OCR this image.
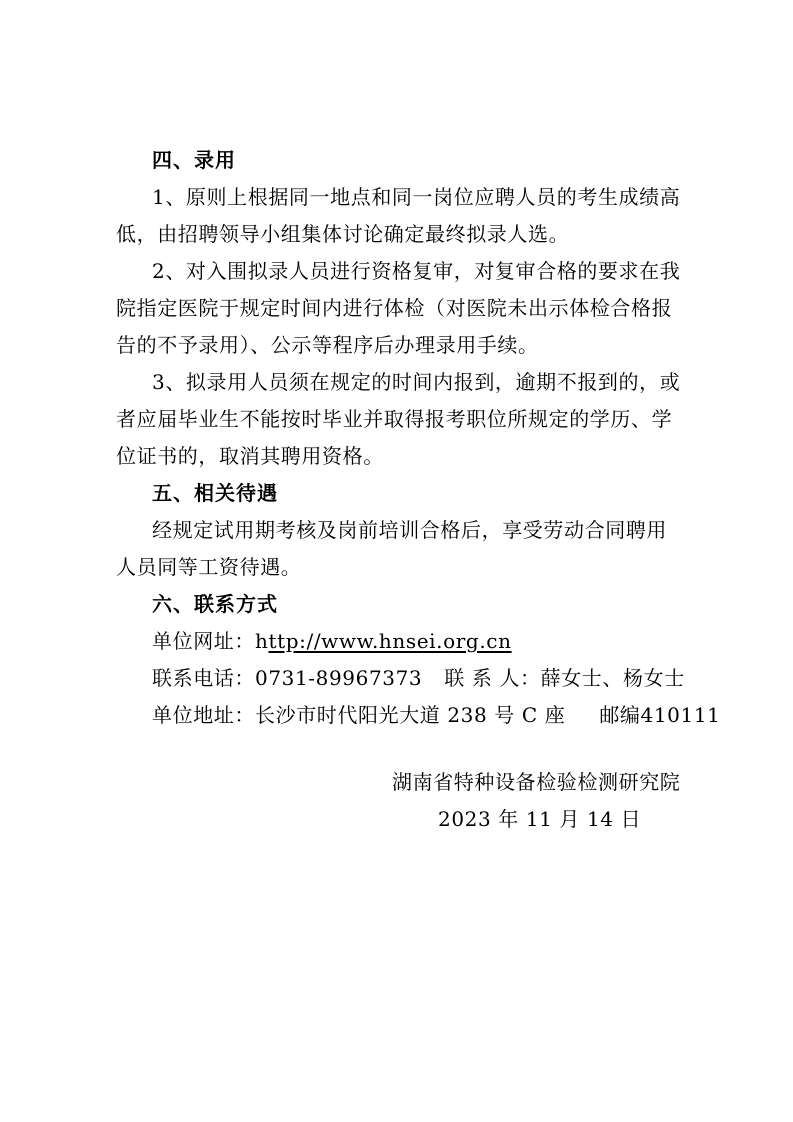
四、录用
1、原则上根据同一地点和同一岗位应聘人员的考生成绩高
低，由招聘领导小组集体讨论确定最终拟录人选。
2、对入围拟录人员进行资格复审，对复审合格的要求在我
院指定医院于规定时间内进行体检（对医院未出示体检合格报
告的不予录用）、公示等程序后办理录用手续。
3、拟录用人员须在规定的时间内报到，逾期不报到的，或
者应届毕业生不能按时毕业并取得报考职位所规定的学历、学
位证书的，取消其聘用资格。
五、相关待遇
经规定试用期考核及岗前培训合格后，享受劳动合同聘用
人员同等工资待遇。
六、联系方式
单位网址：http://www.hnsei.org.cn
联系电话：0731-89967373 联 系 人：薛女士、杨女士
单位地址：长沙市时代阳光大道 238 号 C 座 邮编410111
湖南省特种设备检验检测研究院
2023 年 11 月 14 日
